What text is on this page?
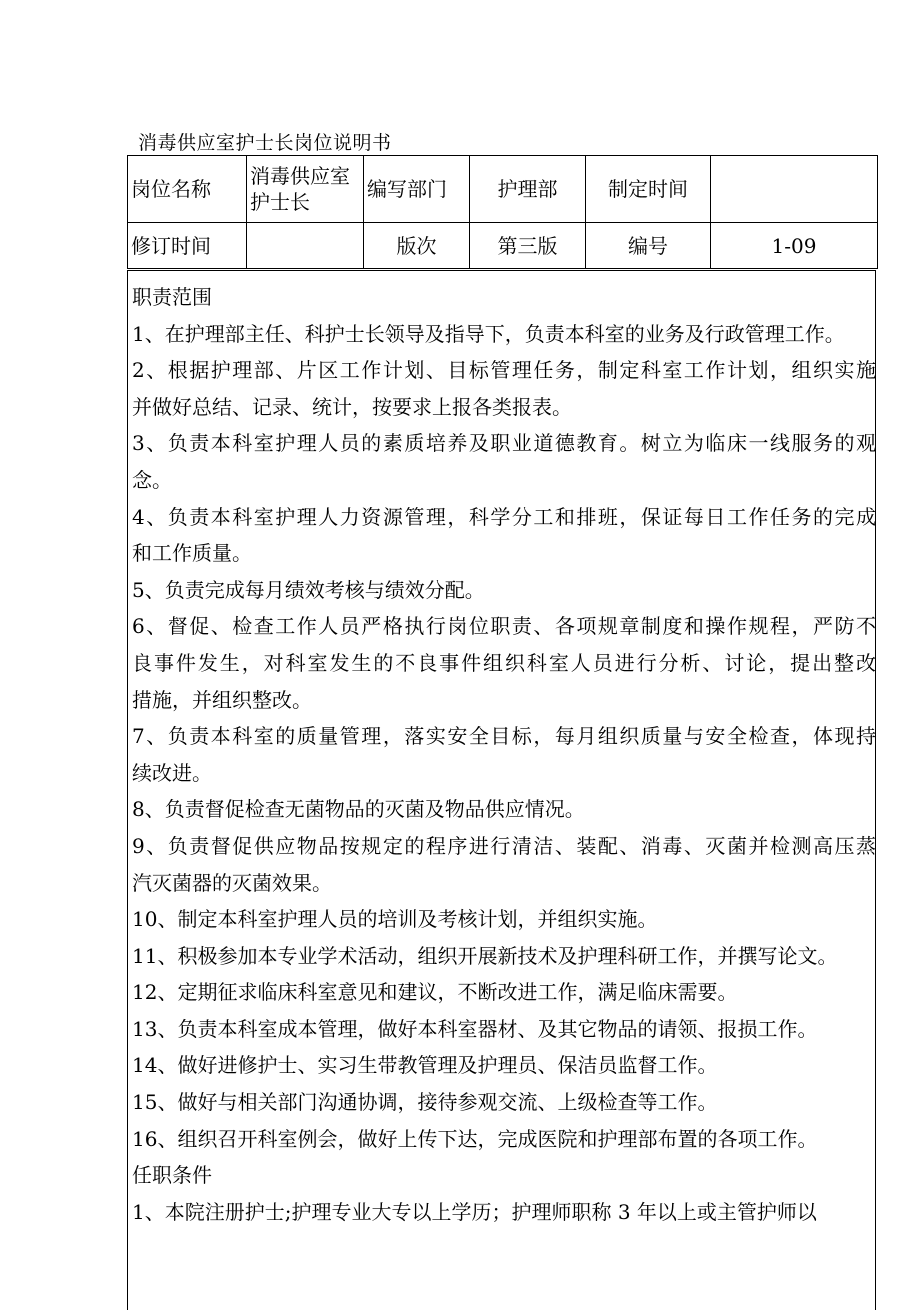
消毒供应室护士长岗位说明书
岗位名称	消毒供应室护士长	编写部门	护理部	制定时间	
修订时间		版次	第三版	编号	1-09
职责范围
1、在护理部主任、科护士长领导及指导下，负责本科室的业务及行政管理工作。
2、根据护理部、片区工作计划、目标管理任务，制定科室工作计划，组织实施
并做好总结、记录、统计，按要求上报各类报表。
3、负责本科室护理人员的素质培养及职业道德教育。树立为临床一线服务的观
念。
4、负责本科室护理人力资源管理，科学分工和排班，保证每日工作任务的完成
和工作质量。
5、负责完成每月绩效考核与绩效分配。
6、督促、检查工作人员严格执行岗位职责、各项规章制度和操作规程，严防不
良事件发生，对科室发生的不良事件组织科室人员进行分析、讨论，提出整改
措施，并组织整改。
7、负责本科室的质量管理，落实安全目标，每月组织质量与安全检查，体现持
续改进。
8、负责督促检查无菌物品的灭菌及物品供应情况。
9、负责督促供应物品按规定的程序进行清洁、装配、消毒、灭菌并检测高压蒸
汽灭菌器的灭菌效果。
10、制定本科室护理人员的培训及考核计划，并组织实施。
11、积极参加本专业学术活动，组织开展新技术及护理科研工作，并撰写论文。
12、定期征求临床科室意见和建议，不断改进工作，满足临床需要。
13、负责本科室成本管理，做好本科室器材、及其它物品的请领、报损工作。
14、做好进修护士、实习生带教管理及护理员、保洁员监督工作。
15、做好与相关部门沟通协调，接待参观交流、上级检查等工作。
16、组织召开科室例会，做好上传下达，完成医院和护理部布置的各项工作。
任职条件
1、本院注册护士;护理专业大专以上学历；护理师职称 3 年以上或主管护师以
